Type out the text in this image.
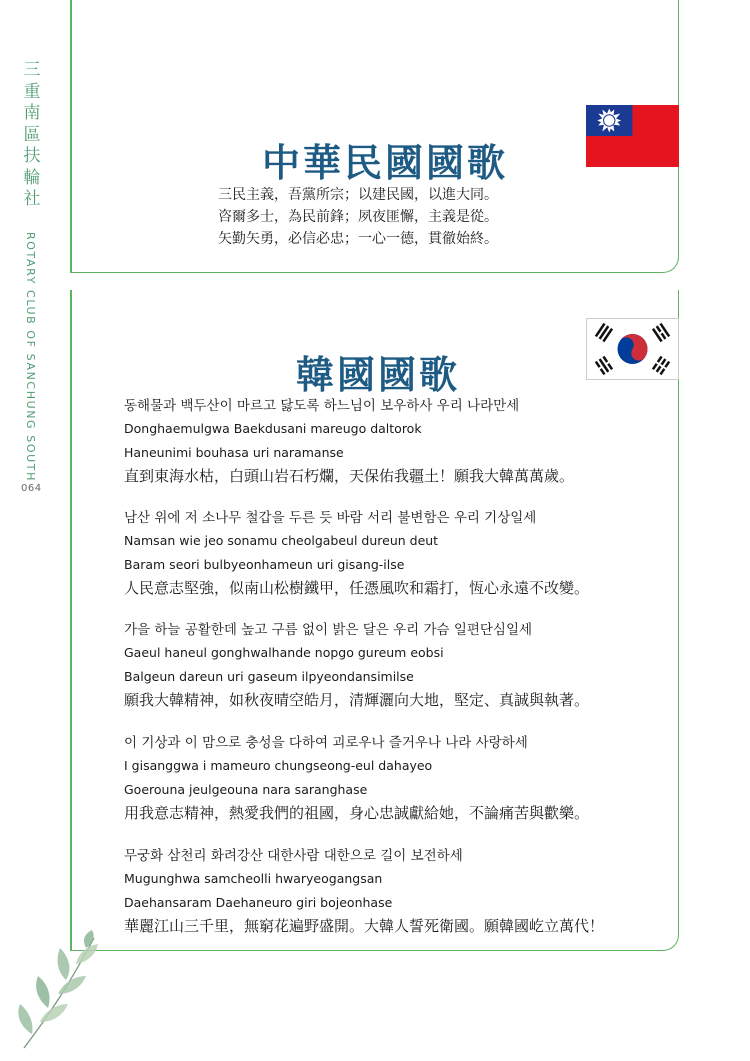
三
重
南
區
扶
輪
社
ROTARY CLUB OF SANCHUNG SOUTH
064
中華民國國歌
三民主義，吾黨所宗；以建民國，以進大同。
咨爾多士，為民前鋒；夙夜匪懈，主義是從。
矢勤矢勇，必信必忠；一心一德，貫徹始終。
韓國國歌
동해물과 백두산이 마르고 닳도록 하느님이 보우하사 우리 나라만세
Donghaemulgwa Baekdusani mareugo daltorok
Haneunimi bouhasa uri naramanse
直到東海水枯，白頭山岩石朽爛，天保佑我疆土！願我大韓萬萬歲。
남산 위에 저 소나무 철갑을 두른 듯 바람 서리 불변함은 우리 기상일세
Namsan wie jeo sonamu cheolgabeul dureun deut
Baram seori bulbyeonhameun uri gisang-ilse
人民意志堅強，似南山松樹鐵甲，任憑風吹和霜打，恆心永遠不改變。
가을 하늘 공활한데 높고 구름 없이 밝은 달은 우리 가슴 일편단심일세
Gaeul haneul gonghwalhande nopgo gureum eobsi
Balgeun dareun uri gaseum ilpyeondansimilse
願我大韓精神，如秋夜晴空皓月，清輝灑向大地，堅定、真誠與執著。
이 기상과 이 맘으로 충성을 다하여 괴로우나 즐거우나 나라 사랑하세
I gisanggwa i mameuro chungseong-eul dahayeo
Goerouna jeulgeouna nara saranghase
用我意志精神，熱愛我們的祖國，身心忠誠獻給她，不論痛苦與歡樂。
무궁화 삼천리 화려강산 대한사람 대한으로 길이 보전하세
Mugunghwa samcheolli hwaryeogangsan
Daehansaram Daehaneuro giri bojeonhase
華麗江山三千里，無窮花遍野盛開。大韓人誓死衛國。願韓國屹立萬代！
